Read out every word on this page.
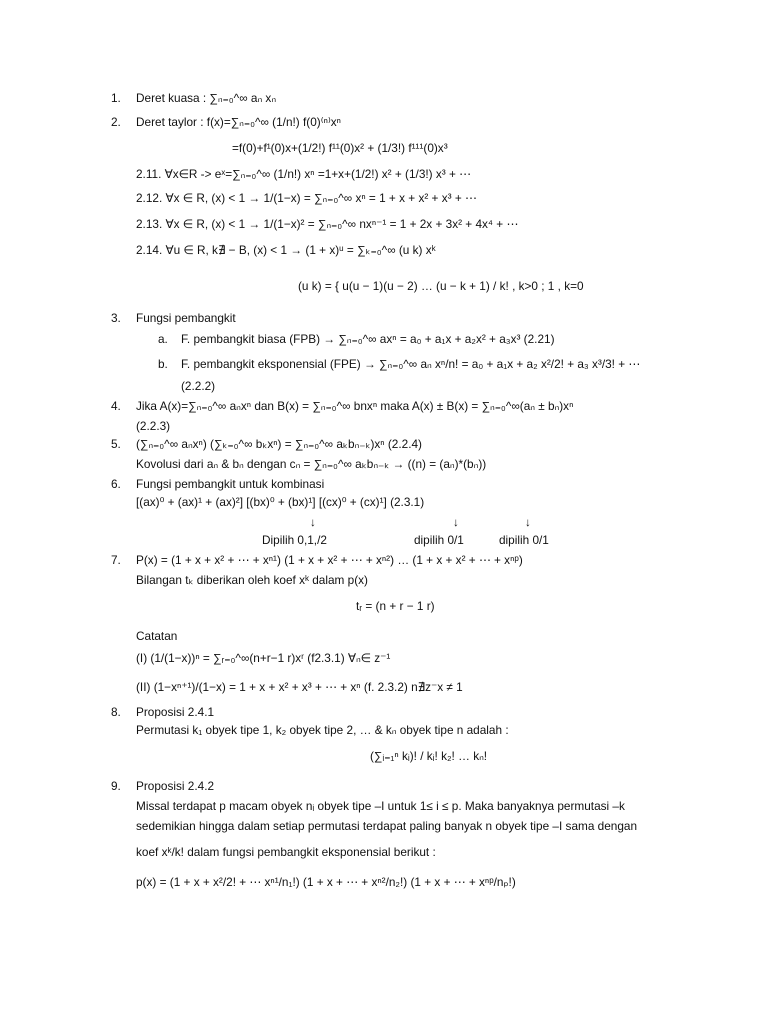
1. Deret kuasa : ∑ₙ₌₀^∞ aₙ xₙ
2. Deret taylor : f(x)=∑ₙ₌₀^∞ (1/n!) f(0)⁽ⁿ⁾xⁿ
=f(0)+f¹(0)x+(1/2!) f¹¹(0)x² + (1/3!) f¹¹¹(0)x³
2.11. ∀x∈R -> eˣ=∑ₙ₌₀^∞ (1/n!) xⁿ =1+x+(1/2!) x² + (1/3!) x³ + ⋯
2.12. ∀x ∈ R, (x) < 1 → 1/(1−x) = ∑ₙ₌₀^∞ xⁿ = 1 + x + x² + x³ + ⋯
2.13. ∀x ∈ R, (x) < 1 → 1/(1−x)² = ∑ₙ₌₀^∞ nxⁿ⁻¹ = 1 + 2x + 3x² + 4x⁴ + ⋯
2.14. ∀u ∈ R, k∄ − B, (x) < 1 → (1 + x)ᵘ = ∑ₖ₌₀^∞ (u k) xᵏ
(u k) = { u(u − 1)(u − 2) … (u − k + 1) / k! , k>0 ; 1 , k=0
3. Fungsi pembangkit
a. F. pembangkit biasa (FPB) → ∑ₙ₌₀^∞ axⁿ = a₀ + a₁x + a₂x² + a₃x³ (2.21)
b. F. pembangkit eksponensial (FPE) → ∑ₙ₌₀^∞ aₙ xⁿ/n! = a₀ + a₁x + a₂ x²/2! + a₃ x³/3! + ⋯
(2.2.2)
4. Jika A(x)=∑ₙ₌₀^∞ aₙxⁿ dan B(x) = ∑ₙ₌₀^∞ bnxⁿ maka A(x) ± B(x) = ∑ₙ₌₀^∞(aₙ ± bₙ)xⁿ
(2.2.3)
5. (∑ₙ₌₀^∞ aₙxⁿ) (∑ₖ₌₀^∞ bₖxⁿ) = ∑ₙ₌₀^∞ aₖbₙ₋ₖ)xⁿ (2.2.4)
Kovolusi dari aₙ & bₙ dengan cₙ = ∑ₙ₌₀^∞ aₖbₙ₋ₖ → ((n) = (aₙ)*(bₙ))
6. Fungsi pembangkit untuk kombinasi
[(ax)⁰ + (ax)¹ + (ax)²] [(bx)⁰ + (bx)¹] [(cx)⁰ + (cx)¹] (2.3.1)
↓	↓	↓
Dipilih 0,1,/2	dipilih 0/1	dipilih 0/1
7. P(x) = (1 + x + x² + ⋯ + xⁿ¹) (1 + x + x² + ⋯ + xⁿ²) … (1 + x + x² + ⋯ + xⁿᵖ)
Bilangan tₖ diberikan oleh koef xᵏ dalam p(x)
tᵣ = (n + r − 1 r)
Catatan
(I) (1/(1−x))ⁿ = ∑ᵣ₌₀^∞(n+r−1 r)xʳ (f2.3.1) ∀ₙ∈ z⁻¹
(II) (1−xⁿ⁺¹)/(1−x) = 1 + x + x² + x³ + ⋯ + xⁿ (f. 2.3.2) n∄z⁻x ≠ 1
8. Proposisi 2.4.1
Permutasi k₁ obyek tipe 1, k₂ obyek tipe 2, … & kₙ obyek tipe n adalah :
(∑ᵢ₌₁ⁿ kᵢ)! / kᵢ! k₂! … kₙ!
9. Proposisi 2.4.2
Missal terdapat p macam obyek nᵢ obyek tipe –I untuk 1≤ i ≤ p. Maka banyaknya permutasi –k
sedemikian hingga dalam setiap permutasi terdapat paling banyak n obyek tipe –I sama dengan
koef xᵏ/k! dalam fungsi pembangkit eksponensial berikut :
p(x) = (1 + x + x²/2! + ⋯ xⁿ¹/n₁!) (1 + x + ⋯ + xⁿ²/n₂!) (1 + x + ⋯ + xⁿᵖ/nₚ!)
